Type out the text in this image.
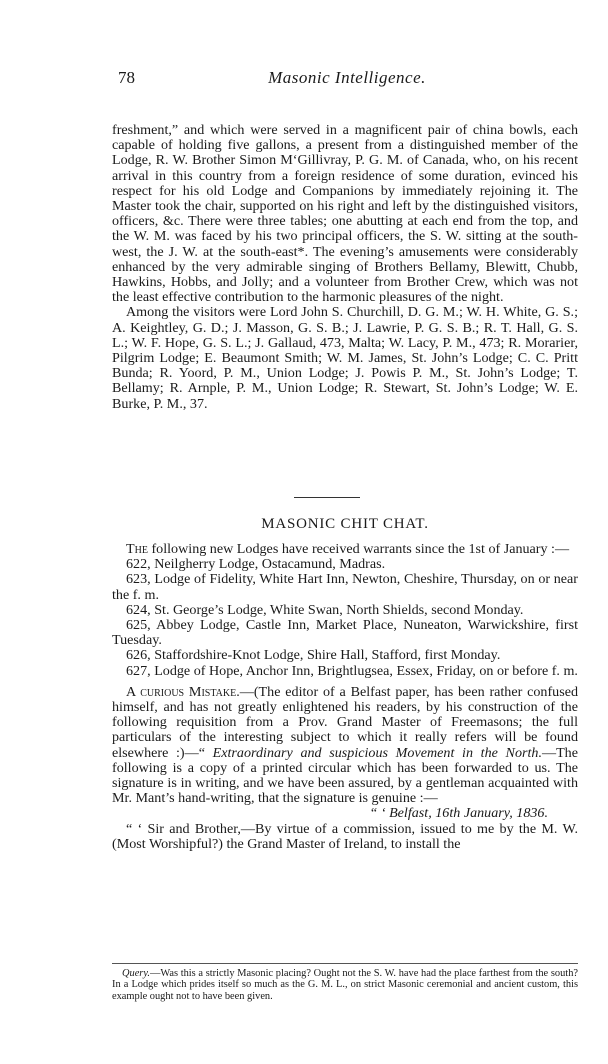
78	Masonic Intelligence.

freshment,” and which were served in a magnificent pair of china bowls, each capable of holding five gallons, a present from a distinguished member of the Lodge, R. W. Brother Simon M‘Gillivray, P. G. M. of Canada, who, on his recent arrival in this country from a foreign residence of some duration, evinced his respect for his old Lodge and Companions by immediately rejoining it. The Master took the chair, supported on his right and left by the distinguished visitors, officers, &c. There were three tables; one abutting at each end from the top, and the W. M. was faced by his two principal officers, the S. W. sitting at the south-west, the J. W. at the south-east*. The evening’s amusements were considerably enhanced by the very admirable singing of Brothers Bellamy, Blewitt, Chubb, Hawkins, Hobbs, and Jolly; and a volunteer from Brother Crew, which was not the least effective contribution to the harmonic pleasures of the night.

Among the visitors were Lord John S. Churchill, D. G. M.; W. H. White, G. S.; A. Keightley, G. D.; J. Masson, G. S. B.; J. Lawrie, P. G. S. B.; R. T. Hall, G. S. L.; W. F. Hope, G. S. L.; J. Gallaud, 473, Malta; W. Lacy, P. M., 473; R. Morarier, Pilgrim Lodge; E. Beaumont Smith; W. M. James, St. John’s Lodge; C. C. Pritt Bunda; R. Yoord, P. M., Union Lodge; J. Powis P. M., St. John’s Lodge; T. Bellamy; R. Arnple, P. M., Union Lodge; R. Stewart, St. John’s Lodge; W. E. Burke, P. M., 37.

MASONIC CHIT CHAT.

The following new Lodges have received warrants since the 1st of January :—

622, Neilgherry Lodge, Ostacamund, Madras.

623, Lodge of Fidelity, White Hart Inn, Newton, Cheshire, Thursday, on or near the f. m.

624, St. George’s Lodge, White Swan, North Shields, second Monday.

625, Abbey Lodge, Castle Inn, Market Place, Nuneaton, Warwickshire, first Tuesday.

626, Staffordshire-Knot Lodge, Shire Hall, Stafford, first Monday.

627, Lodge of Hope, Anchor Inn, Brightlugsea, Essex, Friday, on or before f. m.

A curious Mistake.—(The editor of a Belfast paper, has been rather confused himself, and has not greatly enlightened his readers, by his construction of the following requisition from a Prov. Grand Master of Freemasons; the full particulars of the interesting subject to which it really refers will be found elsewhere :)—“ Extraordinary and suspicious Movement in the North.—The following is a copy of a printed circular which has been forwarded to us. The signature is in writing, and we have been assured, by a gentleman acquainted with Mr. Mant’s hand-writing, that the signature is genuine :—

“ ‘ Belfast, 16th January, 1836.

“ ‘ Sir and Brother,—By virtue of a commission, issued to me by the M. W. (Most Worshipful?) the Grand Master of Ireland, to install the

Query.—Was this a strictly Masonic placing? Ought not the S. W. have had the place farthest from the south? In a Lodge which prides itself so much as the G. M. L., on strict Masonic ceremonial and ancient custom, this example ought not to have been given.
